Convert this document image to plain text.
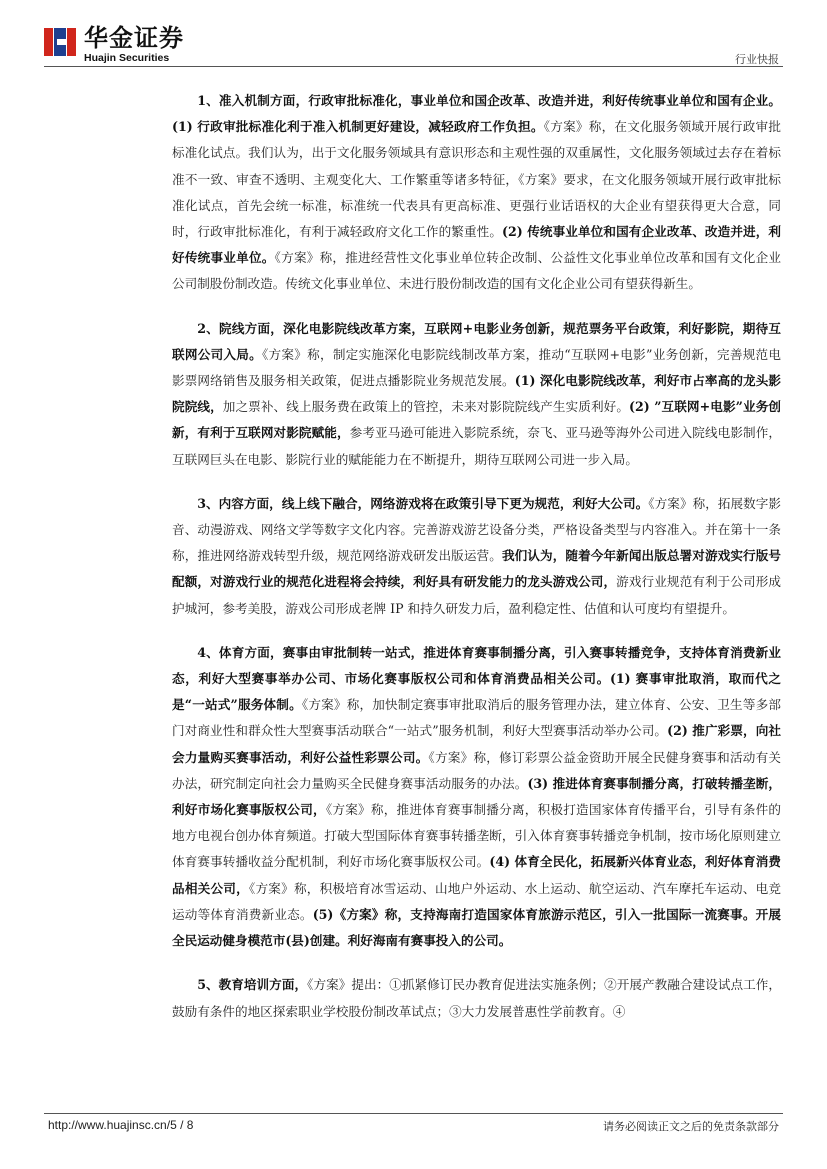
华金证券
Huajin Securities	行业快报

1、准入机制方面，行政审批标准化，事业单位和国企改革、改造并进，利好传统事业单位和国有企业。(1) 行政审批标准化利于准入机制更好建设，减轻政府工作负担。《方案》称，在文化服务领域开展行政审批标准化试点。我们认为，出于文化服务领域具有意识形态和主观性强的双重属性，文化服务领域过去存在着标准不一致、审查不透明、主观变化大、工作繁重等诸多特征，《方案》要求，在文化服务领域开展行政审批标准化试点，首先会统一标准，标准统一代表具有更高标准、更强行业话语权的大企业有望获得更大合意，同时，行政审批标准化，有利于减轻政府文化工作的繁重性。(2) 传统事业单位和国有企业改革、改造并进，利好传统事业单位。《方案》称，推进经营性文化事业单位转企改制、公益性文化事业单位改革和国有文化企业公司制股份制改造。传统文化事业单位、未进行股份制改造的国有文化企业公司有望获得新生。

2、院线方面，深化电影院线改革方案，互联网+电影业务创新，规范票务平台政策，利好影院，期待互联网公司入局。《方案》称，制定实施深化电影院线制改革方案，推动“互联网+电影”业务创新，完善规范电影票网络销售及服务相关政策，促进点播影院业务规范发展。(1) 深化电影院线改革，利好市占率高的龙头影院院线，加之票补、线上服务费在政策上的管控，未来对影院院线产生实质利好。(2) ”互联网+电影”业务创新，有利于互联网对影院赋能，参考亚马逊可能进入影院系统，奈飞、亚马逊等海外公司进入院线电影制作，互联网巨头在电影、影院行业的赋能能力在不断提升，期待互联网公司进一步入局。

3、内容方面，线上线下融合，网络游戏将在政策引导下更为规范，利好大公司。《方案》称，拓展数字影音、动漫游戏、网络文学等数字文化内容。完善游戏游艺设备分类，严格设备类型与内容准入。并在第十一条称，推进网络游戏转型升级，规范网络游戏研发出版运营。我们认为，随着今年新闻出版总署对游戏实行版号配额，对游戏行业的规范化进程将会持续，利好具有研发能力的龙头游戏公司，游戏行业规范有利于公司形成护城河，参考美股，游戏公司形成老牌 IP 和持久研发力后，盈利稳定性、估值和认可度均有望提升。

4、体育方面，赛事由审批制转一站式，推进体育赛事制播分离，引入赛事转播竞争，支持体育消费新业态，利好大型赛事举办公司、市场化赛事版权公司和体育消费品相关公司。(1) 赛事审批取消，取而代之是“一站式”服务体制。《方案》称，加快制定赛事审批取消后的服务管理办法，建立体育、公安、卫生等多部门对商业性和群众性大型赛事活动联合“一站式”服务机制，利好大型赛事活动举办公司。(2) 推广彩票，向社会力量购买赛事活动，利好公益性彩票公司。《方案》称，修订彩票公益金资助开展全民健身赛事和活动有关办法，研究制定向社会力量购买全民健身赛事活动服务的办法。(3) 推进体育赛事制播分离，打破转播垄断，利好市场化赛事版权公司，《方案》称，推进体育赛事制播分离，积极打造国家体育传播平台，引导有条件的地方电视台创办体育频道。打破大型国际体育赛事转播垄断，引入体育赛事转播竞争机制，按市场化原则建立体育赛事转播收益分配机制，利好市场化赛事版权公司。(4) 体育全民化，拓展新兴体育业态，利好体育消费品相关公司，《方案》称，积极培育冰雪运动、山地户外运动、水上运动、航空运动、汽车摩托车运动、电竞运动等体育消费新业态。(5)《方案》称，支持海南打造国家体育旅游示范区，引入一批国际一流赛事。开展全民运动健身模范市(县)创建。利好海南有赛事投入的公司。

5、教育培训方面，《方案》提出：①抓紧修订民办教育促进法实施条例；②开展产教融合建设试点工作，鼓励有条件的地区探索职业学校股份制改革试点；③大力发展普惠性学前教育。④

http://www.huajinsc.cn/5 / 8	请务必阅读正文之后的免责条款部分
